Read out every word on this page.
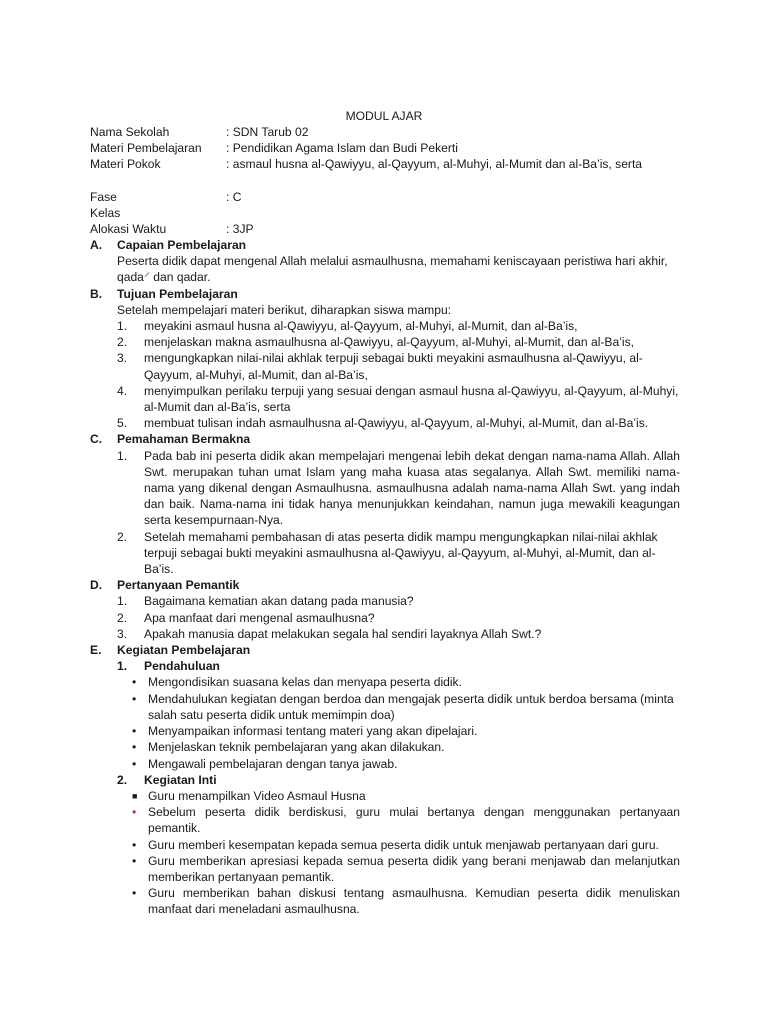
MODUL AJAR
Nama Sekolah	: SDN Tarub 02
Materi Pembelajaran	: Pendidikan Agama Islam dan Budi Pekerti
Materi Pokok	: asmaul husna al-Qawiyyu, al-Qayyum, al-Muhyi, al-Mumit dan al-Ba’is, serta
Fase	: C
Kelas
Alokasi Waktu	: 3JP
A.	Capaian Pembelajaran
Peserta didik dapat mengenal Allah melalui asmaulhusna, memahami keniscayaan peristiwa hari akhir, qada⸍ dan qadar.
B.	Tujuan Pembelajaran
Setelah mempelajari materi berikut, diharapkan siswa mampu:
1.	meyakini asmaul husna al-Qawiyyu, al-Qayyum, al-Muhyi, al-Mumit, dan al-Ba’is,
2.	menjelaskan makna asmaulhusna al-Qawiyyu, al-Qayyum, al-Muhyi, al-Mumit, dan al-Ba’is,
3.	mengungkapkan nilai-nilai akhlak terpuji sebagai bukti meyakini asmaulhusna al-Qawiyyu, al-Qayyum, al-Muhyi, al-Mumit, dan al-Ba’is,
4.	menyimpulkan perilaku terpuji yang sesuai dengan asmaul husna al-Qawiyyu, al-Qayyum, al-Muhyi, al-Mumit dan al-Ba’is, serta
5.	membuat tulisan indah asmaulhusna al-Qawiyyu, al-Qayyum, al-Muhyi, al-Mumit, dan al-Ba’is.
C.	Pemahaman Bermakna
1.	Pada bab ini peserta didik akan mempelajari mengenai lebih dekat dengan nama-nama Allah. Allah Swt. merupakan tuhan umat Islam yang maha kuasa atas segalanya. Allah Swt. memiliki nama-nama yang dikenal dengan Asmaulhusna. asmaulhusna adalah nama-nama Allah Swt. yang indah dan baik. Nama-nama ini tidak hanya menunjukkan keindahan, namun juga mewakili keagungan serta kesempurnaan-Nya.
2.	Setelah memahami pembahasan di atas peserta didik mampu mengungkapkan nilai-nilai akhlak terpuji sebagai bukti meyakini asmaulhusna al-Qawiyyu, al-Qayyum, al-Muhyi, al-Mumit, dan al-Ba’is.
D.	Pertanyaan Pemantik
1.	Bagaimana kematian akan datang pada manusia?
2.	Apa manfaat dari mengenal asmaulhusna?
3.	Apakah manusia dapat melakukan segala hal sendiri layaknya Allah Swt.?
E.	Kegiatan Pembelajaran
1.	Pendahuluan
• Mengondisikan suasana kelas dan menyapa peserta didik.
• Mendahulukan kegiatan dengan berdoa dan mengajak peserta didik untuk berdoa bersama (minta salah satu peserta didik untuk memimpin doa)
• Menyampaikan informasi tentang materi yang akan dipelajari.
• Menjelaskan teknik pembelajaran yang akan dilakukan.
• Mengawali pembelajaran dengan tanya jawab.
2.	Kegiatan Inti
■ Guru menampilkan Video Asmaul Husna
• Sebelum peserta didik berdiskusi, guru mulai bertanya dengan menggunakan pertanyaan pemantik.
• Guru memberi kesempatan kepada semua peserta didik untuk menjawab pertanyaan dari guru.
• Guru memberikan apresiasi kepada semua peserta didik yang berani menjawab dan melanjutkan memberikan pertanyaan pemantik.
• Guru memberikan bahan diskusi tentang asmaulhusna. Kemudian peserta didik menuliskan manfaat dari meneladani asmaulhusna.
